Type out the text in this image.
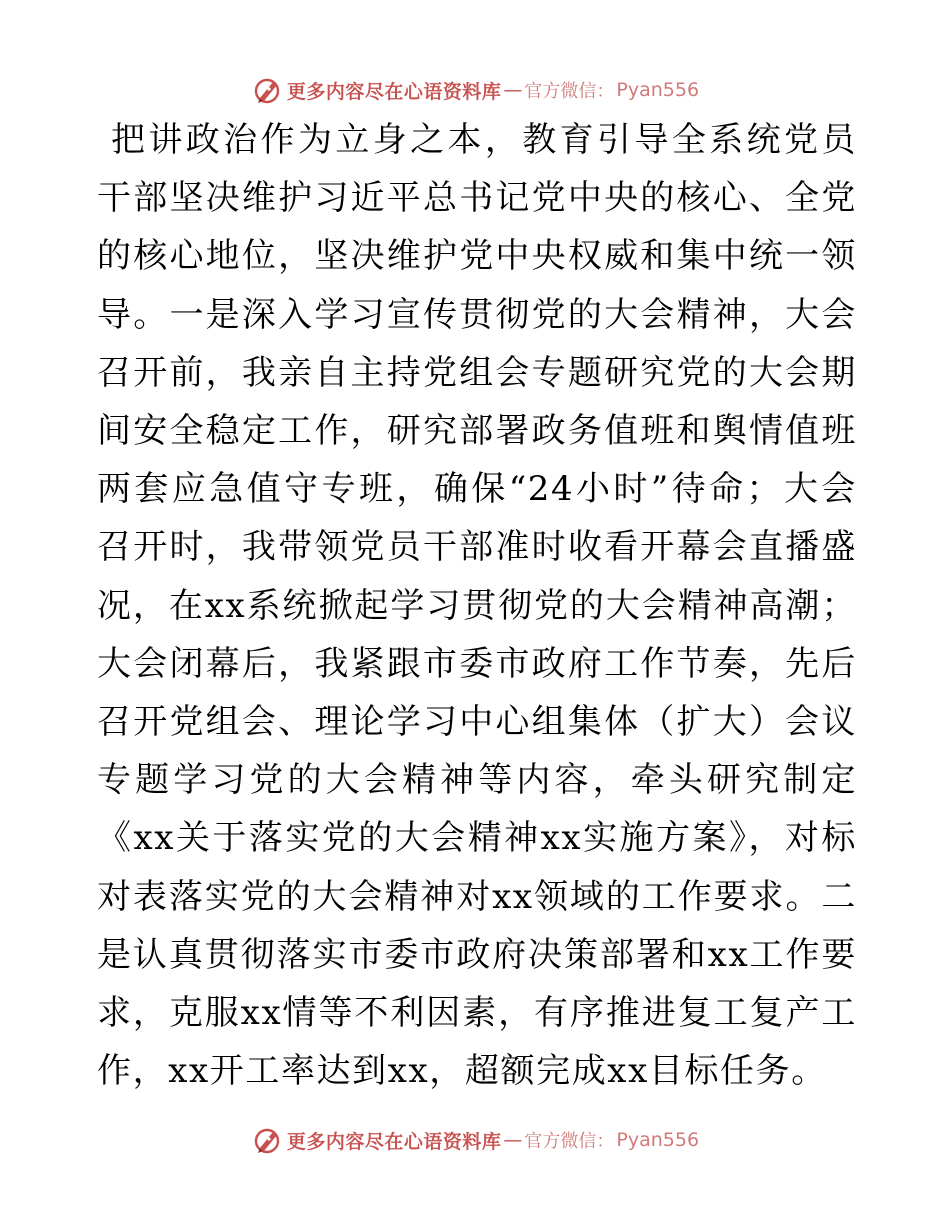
更多内容尽在心语资料库 — 官方微信： Pyan556

把讲政治作为立身之本，教育引导全系统党员干部坚决维护习近平总书记党中央的核心、全党的核心地位，坚决维护党中央权威和集中统一领导。一是深入学习宣传贯彻党的大会精神，大会召开前，我亲自主持党组会专题研究党的大会期间安全稳定工作，研究部署政务值班和舆情值班两套应急值守专班，确保“24小时”待命；大会召开时，我带领党员干部准时收看开幕会直播盛况，在xx系统掀起学习贯彻党的大会精神高潮；大会闭幕后，我紧跟市委市政府工作节奏，先后召开党组会、理论学习中心组集体（扩大）会议专题学习党的大会精神等内容，牵头研究制定《xx关于落实党的大会精神xx实施方案》，对标对表落实党的大会精神对xx领域的工作要求。二是认真贯彻落实市委市政府决策部署和xx工作要求，克服xx情等不利因素，有序推进复工复产工作，xx开工率达到xx，超额完成xx目标任务。

更多内容尽在心语资料库 — 官方微信： Pyan556
